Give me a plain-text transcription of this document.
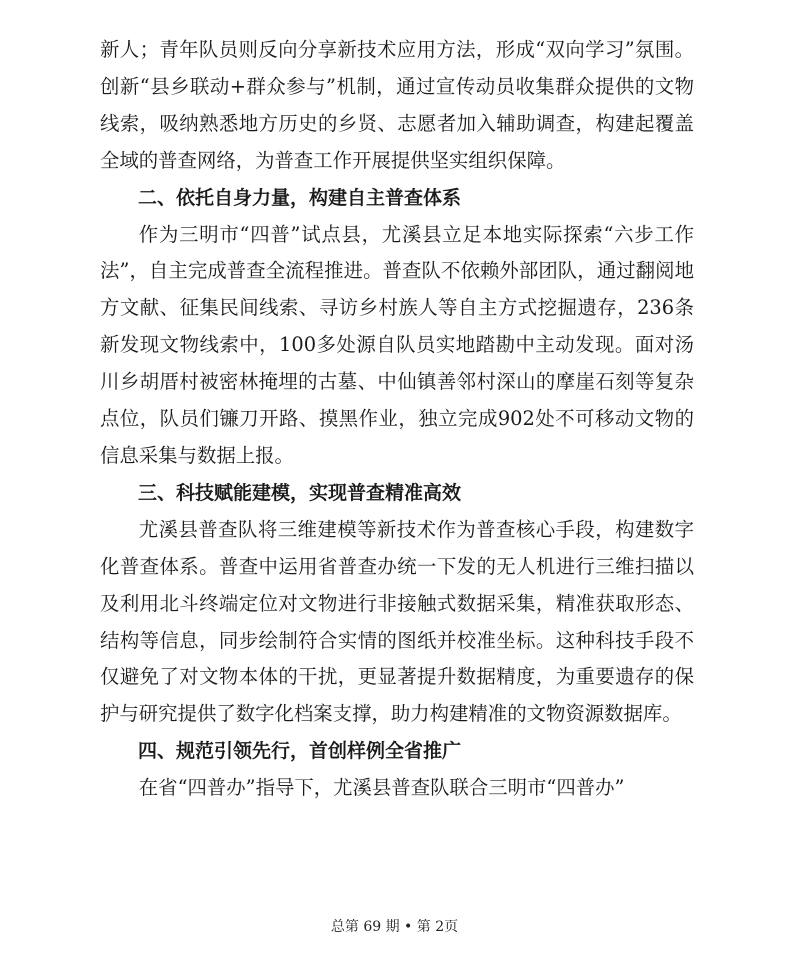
新人；青年队员则反向分享新技术应用方法，形成“双向学习”氛围。创新“县乡联动+群众参与”机制，通过宣传动员收集群众提供的文物线索，吸纳熟悉地方历史的乡贤、志愿者加入辅助调查，构建起覆盖全域的普查网络，为普查工作开展提供坚实组织保障。

二、依托自身力量，构建自主普查体系

作为三明市“四普”试点县，尤溪县立足本地实际探索“六步工作法”，自主完成普查全流程推进。普查队不依赖外部团队，通过翻阅地方文献、征集民间线索、寻访乡村族人等自主方式挖掘遗存，236条新发现文物线索中，100多处源自队员实地踏勘中主动发现。面对汤川乡胡厝村被密林掩埋的古墓、中仙镇善邻村深山的摩崖石刻等复杂点位，队员们镰刀开路、摸黑作业，独立完成902处不可移动文物的信息采集与数据上报。

三、科技赋能建模，实现普查精准高效

尤溪县普查队将三维建模等新技术作为普查核心手段，构建数字化普查体系。普查中运用省普查办统一下发的无人机进行三维扫描以及利用北斗终端定位对文物进行非接触式数据采集，精准获取形态、结构等信息，同步绘制符合实情的图纸并校准坐标。这种科技手段不仅避免了对文物本体的干扰，更显著提升数据精度，为重要遗存的保护与研究提供了数字化档案支撑，助力构建精准的文物资源数据库。

四、规范引领先行，首创样例全省推广

在省“四普办”指导下，尤溪县普查队联合三明市“四普办”

总第 69 期 • 第 2页
